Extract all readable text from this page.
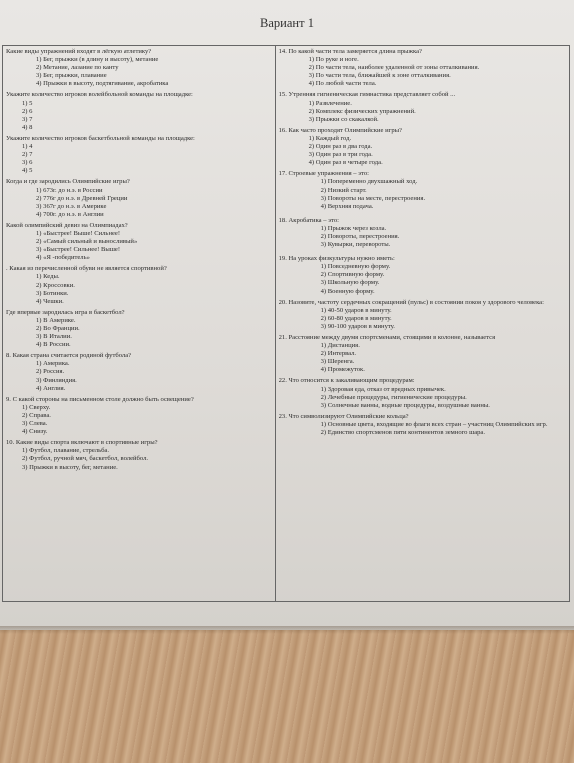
Вариант 1
Какие виды упражнений входят в лёгкую атлетику?
1) Бег, прыжки (в длину и высоту), метание
2) Метание, лазание по канту
3) Бег, прыжки, плавание
4) Прыжки в высоту, подтягивание, акробатика
Укажите количество игроков волейбольной команды на площадке:
1) 5
2) 6
3) 7
4) 8
Укажите количество игроков баскетбольной команды на площадке:
1) 4
2) 7
3) 6
4) 5
Когда и где зародились Олимпийские игры?
1) 673г. до н.э. в России
2) 776г до н.э. в Древней Греции
3) 367г до н.э. в Америке
4) 700г. до н.э. в Англии
Какой олимпийский девиз на Олимпиадах?
1) «Быстрее! Выше! Сильнее!
2) «Самый сильный и выносливый»
3) «Быстрее! Сильнее! Выше!
4) «Я -победитель»
. Какая из перечисленной обуви не является спортивной?
1) Кеды.
2) Кроссовки.
3) Ботинки.
4) Чешки.
Где впервые зародилась игра в баскетбол?
1) В Америке.
2) Во Франции.
3) В Италии.
4) В России.
8. Какая страна считается родиной футбола?
1) Америка.
2) Россия.
3) Финляндия.
4) Англия.
9. С какой стороны на письменном столе должно быть освещение?
1) Сверху.
2) Справа.
3) Слева.
4) Снизу.
10. Какие виды спорта включают в спортивные игры?
1) Футбол, плавание, стрельба.
2) Футбол, ручной мяч, баскетбол, волейбол.
3) Прыжки в высоту, бег, метание.
14. По какой части тела замеряется длина прыжка?
1) По руке и ноге.
2) По части тела, наиболее удаленной от зоны отталкивания.
3) По части тела, ближайшей к зоне отталкивания.
4) По любой части тела.
15. Утренняя гигиеническая гимнастика представляет собой ...
1) Развлечение.
2) Комплекс физических упражнений.
3) Прыжки со скакалкой.
16. Как часто проходят Олимпийские игры?
1) Каждый год.
2) Один раз в два года.
3) Один раз в три года.
4) Один раз в четыре года.
17. Строевые упражнения – это:
1) Попеременно двухшажный ход.
2) Низкий старт.
3) Повороты на месте, перестроения.
4) Верхняя подача.
18. Акробатика – это:
1) Прыжок через козла.
2) Повороты, перестроения.
3) Кувырки, перевороты.
19. На уроках физкультуры нужно иметь:
1) Повседневную форму.
2) Спортивную форму.
3) Школьную форму.
4) Военную форму.
20. Назовите, частоту сердечных сокращений (пульс) в состоянии покоя у здорового человека:
1) 40-50 ударов в минуту.
2) 60-80 ударов в минуту.
3) 90-100 ударов в минуту.
21. Расстояние между двумя спортсменами, стоящими в колонне, называется
1) Дистанция.
2) Интервал.
3) Шеренга.
4) Промежуток.
22. Что относится к закаливающим процедурам:
1) Здоровая еда, отказ от вредных привычек.
2) Лечебные процедуры, гигиенические процедуры.
3) Солнечные ванны, водные процедуры, воздушные ванны.
23. Что символизируют Олимпийские кольца?
1) Основные цвета, входящие во флаги всех стран – участниц Олимпийских игр.
2) Единство спортсменов пяти континентов земного шара.
